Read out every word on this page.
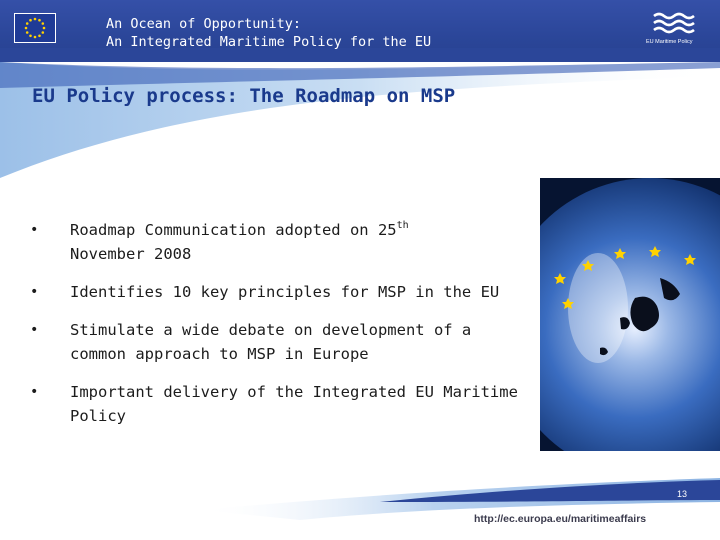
An Ocean of Opportunity:
An Integrated Maritime Policy for the EU	EU Maritime Policy
EU Policy process: The Roadmap on MSP
• Roadmap Communication adopted on 25th
November 2008
• Identifies 10 key principles for MSP in the EU
• Stimulate a wide debate on development of a common approach to MSP in Europe
• Important delivery of the Integrated EU Maritime Policy
13
http://ec.europa.eu/maritimeaffairs
